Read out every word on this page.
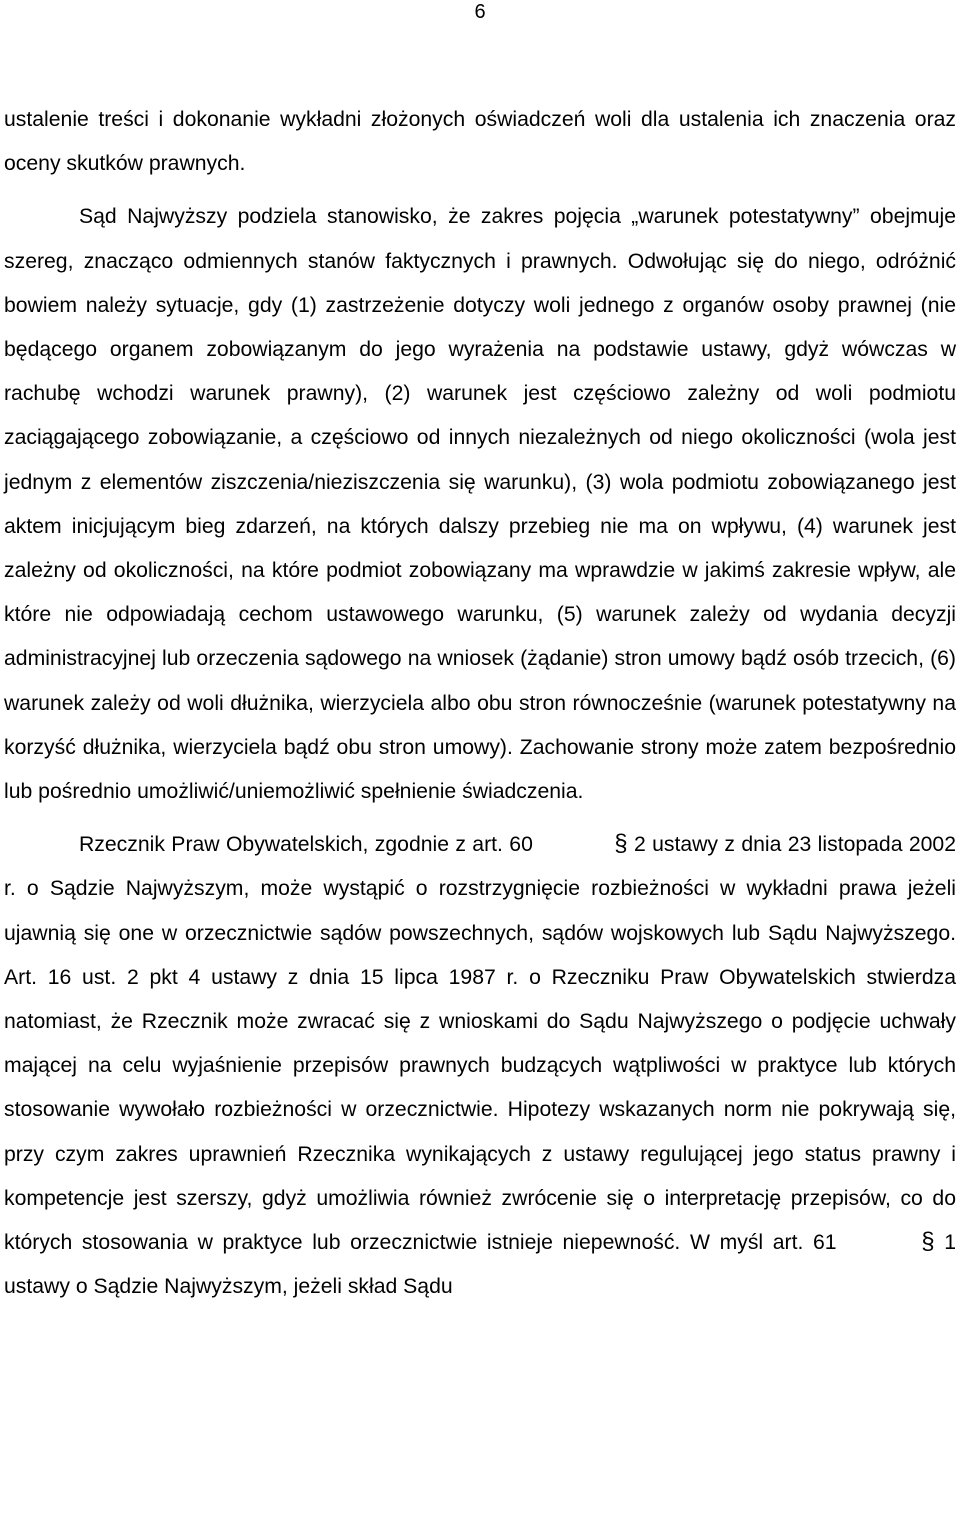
6

ustalenie treści i dokonanie wykładni złożonych oświadczeń woli dla ustalenia ich znaczenia oraz oceny skutków prawnych.

Sąd Najwyższy podziela stanowisko, że zakres pojęcia „warunek potestatywny” obejmuje szereg, znacząco odmiennych stanów faktycznych i prawnych. Odwołując się do niego, odróżnić bowiem należy sytuacje, gdy (1) zastrzeżenie dotyczy woli jednego z organów osoby prawnej (nie będącego organem zobowiązanym do jego wyrażenia na podstawie ustawy, gdyż wówczas w rachubę wchodzi warunek prawny), (2) warunek jest częściowo zależny od woli podmiotu zaciągającego zobowiązanie, a częściowo od innych niezależnych od niego okoliczności (wola jest jednym z elementów ziszczenia/nieziszczenia się warunku), (3) wola podmiotu zobowiązanego jest aktem inicjującym bieg zdarzeń, na których dalszy przebieg nie ma on wpływu, (4) warunek jest zależny od okoliczności, na które podmiot zobowiązany ma wprawdzie w jakimś zakresie wpływ, ale które nie odpowiadają cechom ustawowego warunku, (5) warunek zależy od wydania decyzji administracyjnej lub orzeczenia sądowego na wniosek (żądanie) stron umowy bądź osób trzecich, (6) warunek zależy od woli dłużnika, wierzyciela albo obu stron równocześnie (warunek potestatywny na korzyść dłużnika, wierzyciela bądź obu stron umowy). Zachowanie strony może zatem bezpośrednio lub pośrednio umożliwić/uniemożliwić spełnienie świadczenia.

Rzecznik Praw Obywatelskich, zgodnie z art. 60	§ 2 ustawy z dnia 23 listopada 2002 r. o Sądzie Najwyższym, może wystąpić o rozstrzygnięcie rozbieżności w wykładni prawa jeżeli ujawnią się one w orzecznictwie sądów powszechnych, sądów wojskowych lub Sądu Najwyższego. Art. 16 ust. 2 pkt 4 ustawy z dnia 15 lipca 1987 r. o Rzeczniku Praw Obywatelskich stwierdza natomiast, że Rzecznik może zwracać się z wnioskami do Sądu Najwyższego o podjęcie uchwały mającej na celu wyjaśnienie przepisów prawnych budzących wątpliwości w praktyce lub których stosowanie wywołało rozbieżności w orzecznictwie. Hipotezy wskazanych norm nie pokrywają się, przy czym zakres uprawnień Rzecznika wynikających z ustawy regulującej jego status prawny i kompetencje jest szerszy, gdyż umożliwia również zwrócenie się o interpretację przepisów, co do których stosowania w praktyce lub orzecznictwie istnieje niepewność. W myśl art. 61	§ 1 ustawy o Sądzie Najwyższym, jeżeli skład Sądu
